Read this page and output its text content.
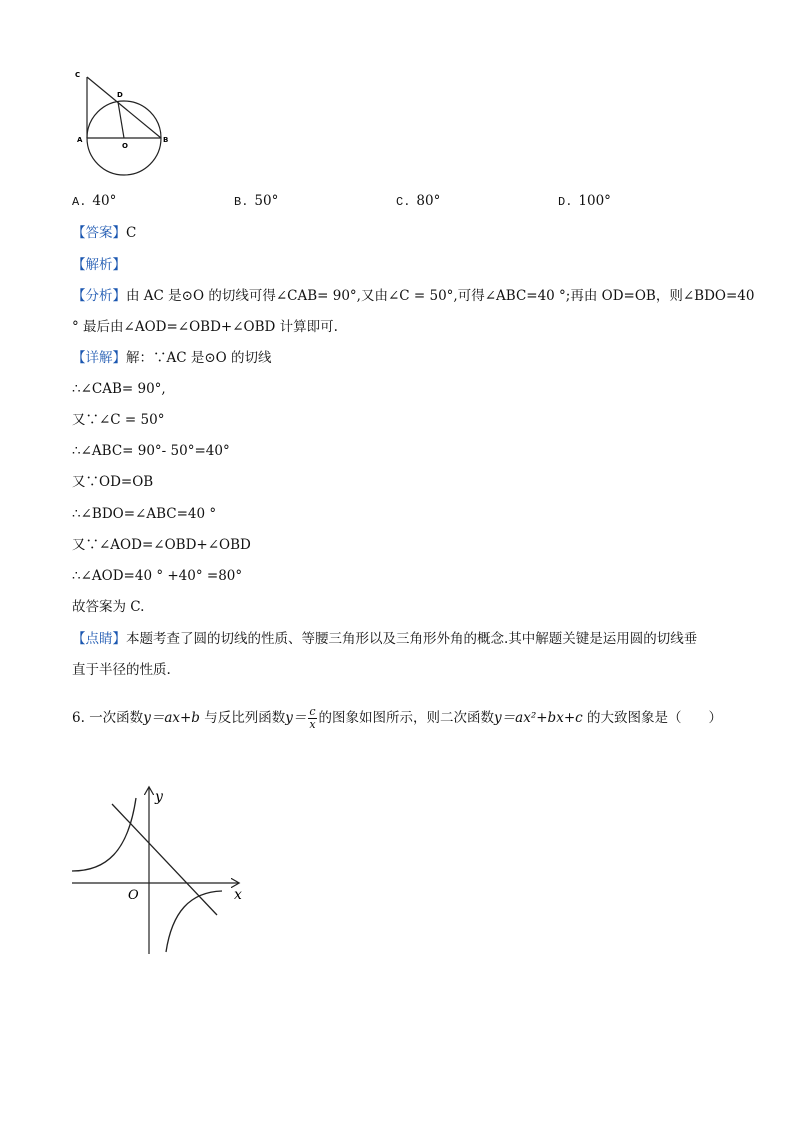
C
D
A
O
B
A. 40°	B. 50°	C. 80°	D. 100°
【答案】C
【解析】
【分析】由 AC 是⊙O 的切线可得∠CAB= 90°,又由∠C = 50°,可得∠ABC=40 °;再由 OD=OB，则∠BDO=40
° 最后由∠AOD=∠OBD+∠OBD 计算即可.
【详解】解：∵AC 是⊙O 的切线
∴∠CAB= 90°,
又∵∠C = 50°
∴∠ABC= 90°- 50°=40°
又∵OD=OB
∴∠BDO=∠ABC=40 °
又∵∠AOD=∠OBD+∠OBD
∴∠AOD=40 ° +40° =80°
故答案为 C.
【点睛】本题考查了圆的切线的性质、等腰三角形以及三角形外角的概念.其中解题关键是运用圆的切线垂
直于半径的性质.
6. 一次函数y＝ax+b 与反比列函数$y= \frac{c}{x}$ 的图象如图所示，则二次函数y＝ax²+bx+c 的大致图象是（　　）
y
x
O
